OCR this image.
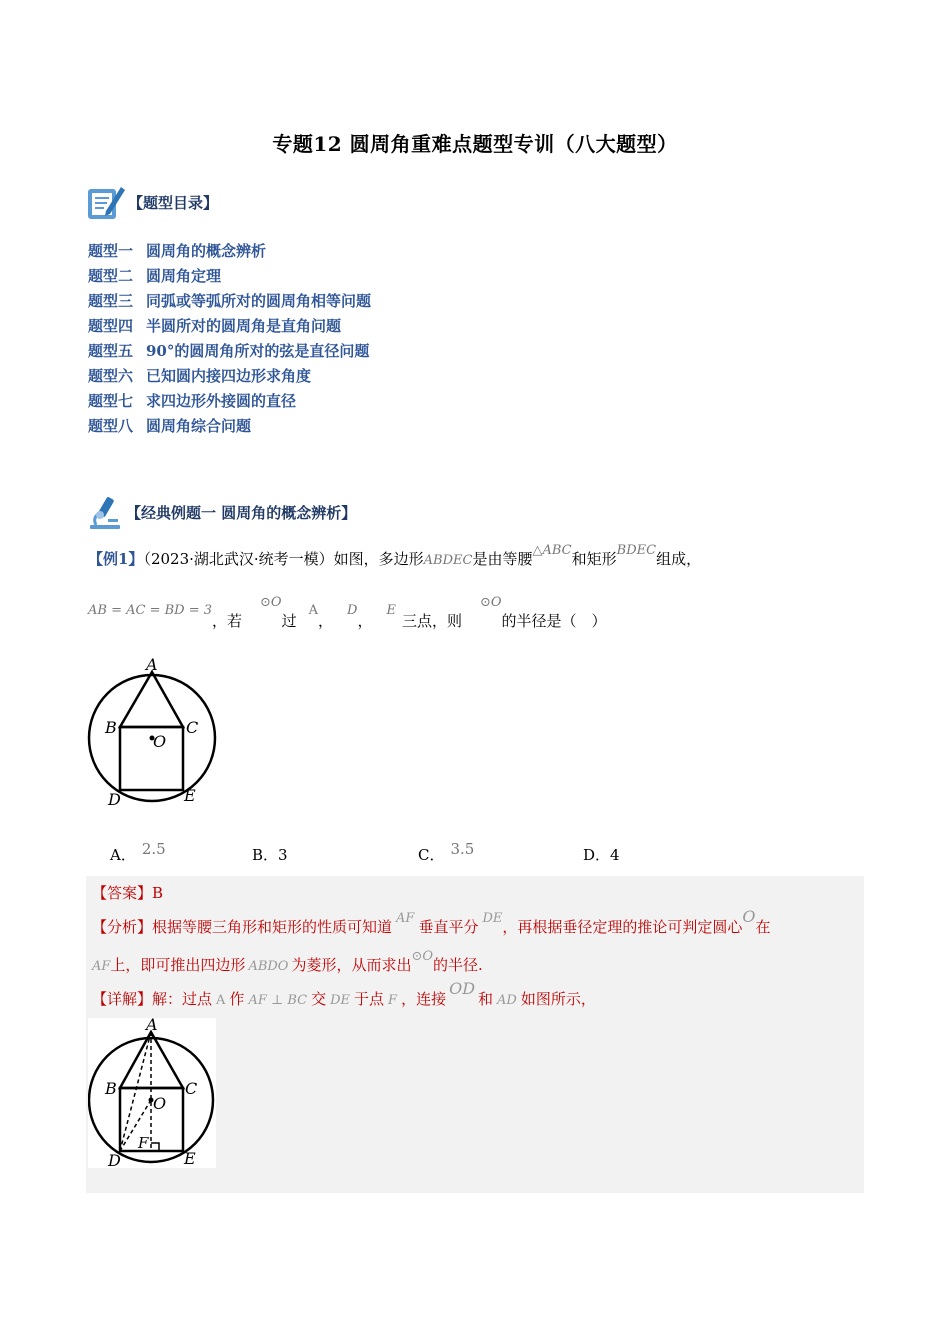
专题12 圆周角重难点题型专训（八大题型）
【题型目录】
题型一 圆周角的概念辨析
题型二 圆周角定理
题型三 同弧或等弧所对的圆周角相等问题
题型四 半圆所对的圆周角是直角问题
题型五 90°的圆周角所对的弦是直径问题
题型六 已知圆内接四边形求角度
题型七 求四边形外接圆的直径
题型八 圆周角综合问题
【经典例题一 圆周角的概念辨析】
【例1】（2023·湖北武汉·统考一模）如图，多边形ABDEC是由等腰△ABC和矩形BDEC组成，
AB = AC = BD = 3，若⊙O过A，D，E三点，则⊙O的半径是（　）
A
B	C
O
D	E
A． 2.5	B．3	C． 3.5	D．4
【答案】B
【分析】根据等腰三角形和矩形的性质可知道 AF 垂直平分 DE，再根据垂径定理的推论可判定圆心O在
AF上，即可推出四边形 ABDO 为菱形，从而求出⊙O的半径.
【详解】解：过点 A 作 AF ⊥ BC 交 DE 于点 F ，连接OD和 AD 如图所示，
A
B	C
O
F
D	E
